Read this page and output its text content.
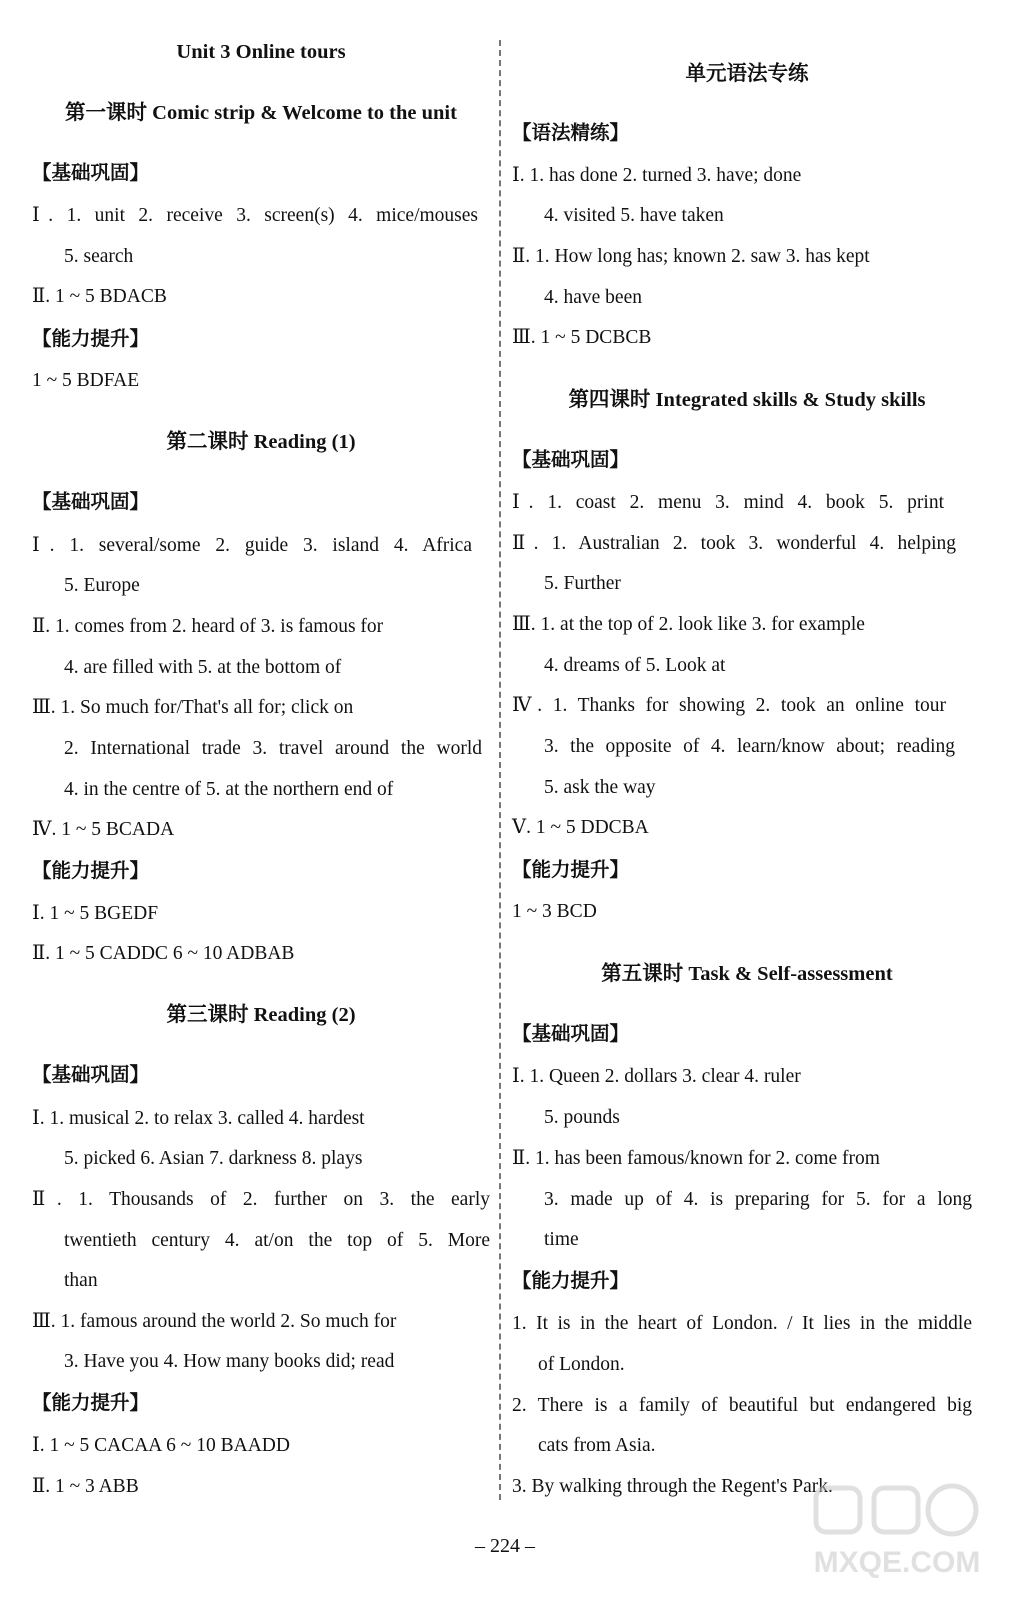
Unit 3 Online tours
第一课时 Comic strip & Welcome to the unit
【基础巩固】
Ⅰ. 1. unit 2. receive 3. screen(s) 4. mice/mouses
5. search
Ⅱ. 1 ~ 5 BDACB
【能力提升】
1 ~ 5 BDFAE
第二课时 Reading (1)
【基础巩固】
Ⅰ. 1. several/some 2. guide 3. island 4. Africa
5. Europe
Ⅱ. 1. comes from 2. heard of 3. is famous for
4. are filled with 5. at the bottom of
Ⅲ. 1. So much for/That's all for; click on
2. International trade 3. travel around the world
4. in the centre of 5. at the northern end of
Ⅳ. 1 ~ 5 BCADA
【能力提升】
Ⅰ. 1 ~ 5 BGEDF
Ⅱ. 1 ~ 5 CADDC 6 ~ 10 ADBAB
第三课时 Reading (2)
【基础巩固】
Ⅰ. 1. musical 2. to relax 3. called 4. hardest
5. picked 6. Asian 7. darkness 8. plays
Ⅱ. 1. Thousands of 2. further on 3. the early
twentieth century 4. at/on the top of 5. More
than
Ⅲ. 1. famous around the world 2. So much for
3. Have you 4. How many books did; read
【能力提升】
Ⅰ. 1 ~ 5 CACAA 6 ~ 10 BAADD
Ⅱ. 1 ~ 3 ABB
单元语法专练
【语法精练】
Ⅰ. 1. has done 2. turned 3. have; done
4. visited 5. have taken
Ⅱ. 1. How long has; known 2. saw 3. has kept
4. have been
Ⅲ. 1 ~ 5 DCBCB
第四课时 Integrated skills & Study skills
【基础巩固】
Ⅰ. 1. coast 2. menu 3. mind 4. book 5. print
Ⅱ. 1. Australian 2. took 3. wonderful 4. helping
5. Further
Ⅲ. 1. at the top of 2. look like 3. for example
4. dreams of 5. Look at
Ⅳ. 1. Thanks for showing 2. took an online tour
3. the opposite of 4. learn/know about; reading
5. ask the way
Ⅴ. 1 ~ 5 DDCBA
【能力提升】
1 ~ 3 BCD
第五课时 Task & Self-assessment
【基础巩固】
Ⅰ. 1. Queen 2. dollars 3. clear 4. ruler
5. pounds
Ⅱ. 1. has been famous/known for 2. come from
3. made up of 4. is preparing for 5. for a long
time
【能力提升】
1. It is in the heart of London. / It lies in the middle
of London.
2. There is a family of beautiful but endangered big
cats from Asia.
3. By walking through the Regent's Park.
– 224 –	MXQE.COM
